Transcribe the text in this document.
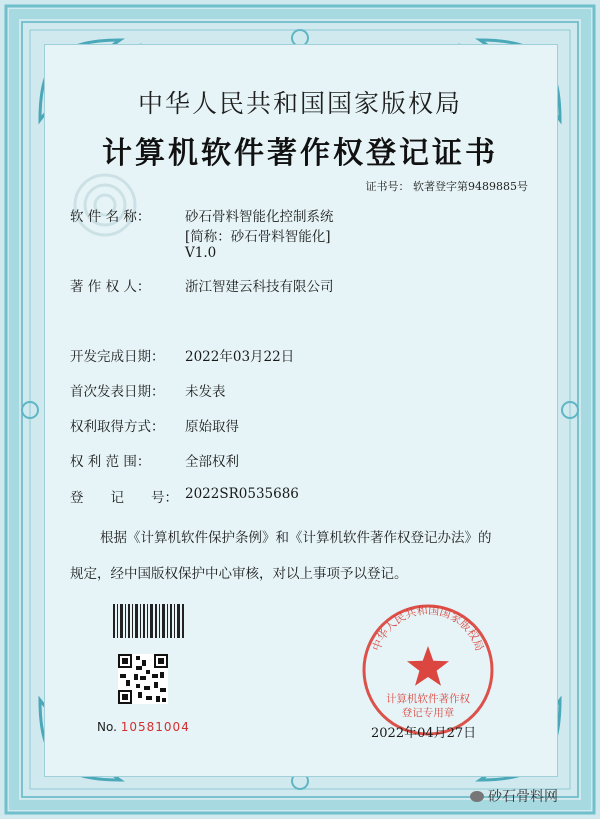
中华人民共和国国家版权局
计算机软件著作权登记证书
证书号： 软著登字第9489885号
软 件 名 称：	砂石骨料智能化控制系统
[简称：砂石骨料智能化]
V1.0
著 作 权 人：	浙江智建云科技有限公司
开发完成日期：	2022年03月22日
首次发表日期：	未发表
权利取得方式：	原始取得
权 利 范 围：	全部权利
登　　记　　号： 2022SR0535686
根据《计算机软件保护条例》和《计算机软件著作权登记办法》的
规定，经中国版权保护中心审核，对以上事项予以登记。
No. 10581004
中华人民共和国国家版权局
计算机软件著作权
登记专用章
2022年04月27日
砂石骨料网
